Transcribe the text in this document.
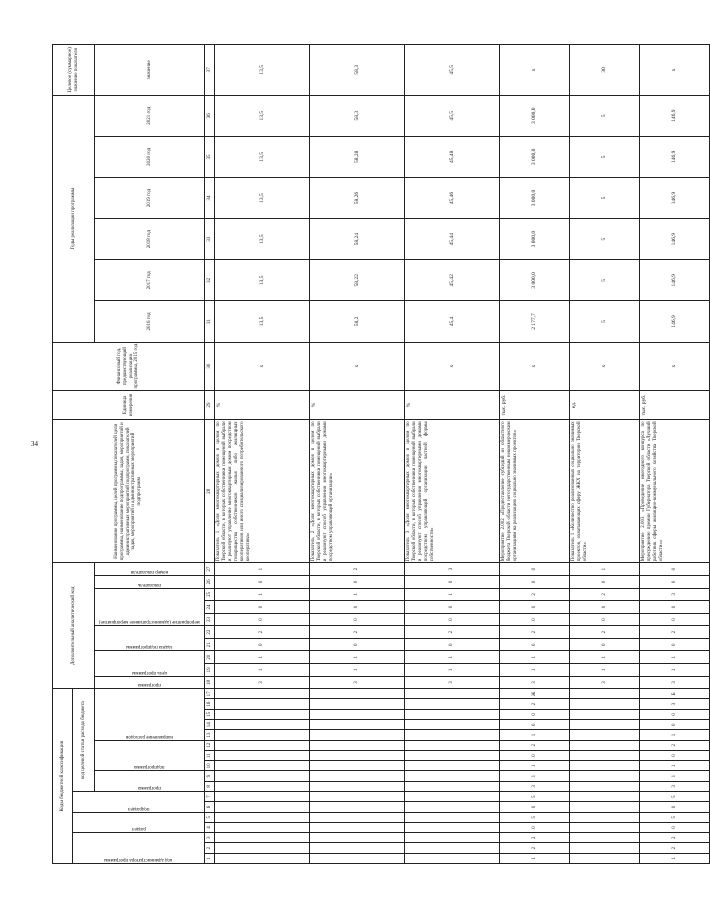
34
Коды бюджетной классификации																	Дополнительный аналитический код										Наименование программы, целей программы,показателей цели программы, наименование подпрограммы, задач, мероприятий и административных мероприятий подпрограмм, показателей задач, мероприятий и административных мероприятий подпрограмм	Единица измерения	Финансовый год, предшествующий реализации программы, 2015 год	Годы реализации программы						Целевое (суммарное) значение показателя

код администратора программы			раздел		подраздел		код целевой статьи расхода бюджета																													

							программа		подпрограмма			направление расходов					программа	цель программы		задача подпрограммы		мероприятие (административное мероприятие)			показатель	номер показателя				2016 год	2017 год	2018 год	2019 год	2020 год	2021 год	значение
1	2	3	4	5	6	7	8	9	10	11	12	13	14	15	16	17	18	19	20	21	22	23	24	25	26	27	28	29	30	31	32	33	34	35	36	37
																	3	1	1	0	2	0	0	1	0	1	Показатель 1 «Доля многоквартирных домов в целом по Тверской области, в которых собственники помещений выбрали и реализуют управление многоквартирным домом посредством товарищества собственников жилья либо жилищных кооперативов или иного специализированного потребительского кооператива»	%	х	13,5	13,5	13,5	13,5	13,5	13,5	13,5
																	3	1	1	0	2	0	0	1	0	2	Показатель 2 «Доля многоквартирных домов в целом по Тверской области, в которых собственники помещений выбрали и реализуют способ управления многоквартирными домами посредством управляющей организации»	%	х	58,2	58,22	58,24	58,26	58,28	58,3	58,3
																	3	1	1	0	2	0	0	1	0	3	Показатель 3 «Доля многоквартирных домов в целом по Тверской области, в которых собственники помещений выбрали и реализуют способ управления многоквартирными домами посредством управляющей организации частной формы собственности»	%	х	45,4	45,42	45,44	45,46	45,48	45,5	45,5
1	2	2	0	5	0	5	3	1	1	0	2	1	0	0	2	Ж	3	1	1	0	2	0	0	2	0	0	Мероприятие 2.002 «Предоставление субсидий из областного бюджета Тверской области негосударственным некоммерческим организациям на реализацию социально значимых проектов»	тыс. руб.	х	2 177,7	3 000,0	3 000,0	3 000,0	3 000,0	3 000,0	х
																	3	1	1	0	2	0	0	2	0	1	Показатель 1 «Количество реализованных социально значимых проектов, охватывающих сферу ЖКХ на территории Тверской области»	ед.	х	5	5	5	5	5	5	30
1	2	2	0	5	0	5	3	1	1	0	2	1	0	0	3	Б	3	1	1	0	2	0	0	3	0	0	Мероприятие 2.003 «Проведение ежегодного конкурса по присуждению премии Губернатора Тверской области «Лучший работник сферы жилищно-коммунального хозяйства Тверской области»»	тыс. руб.	х	146,9	146,9	146,9	146,9	146,9	146,9	х
